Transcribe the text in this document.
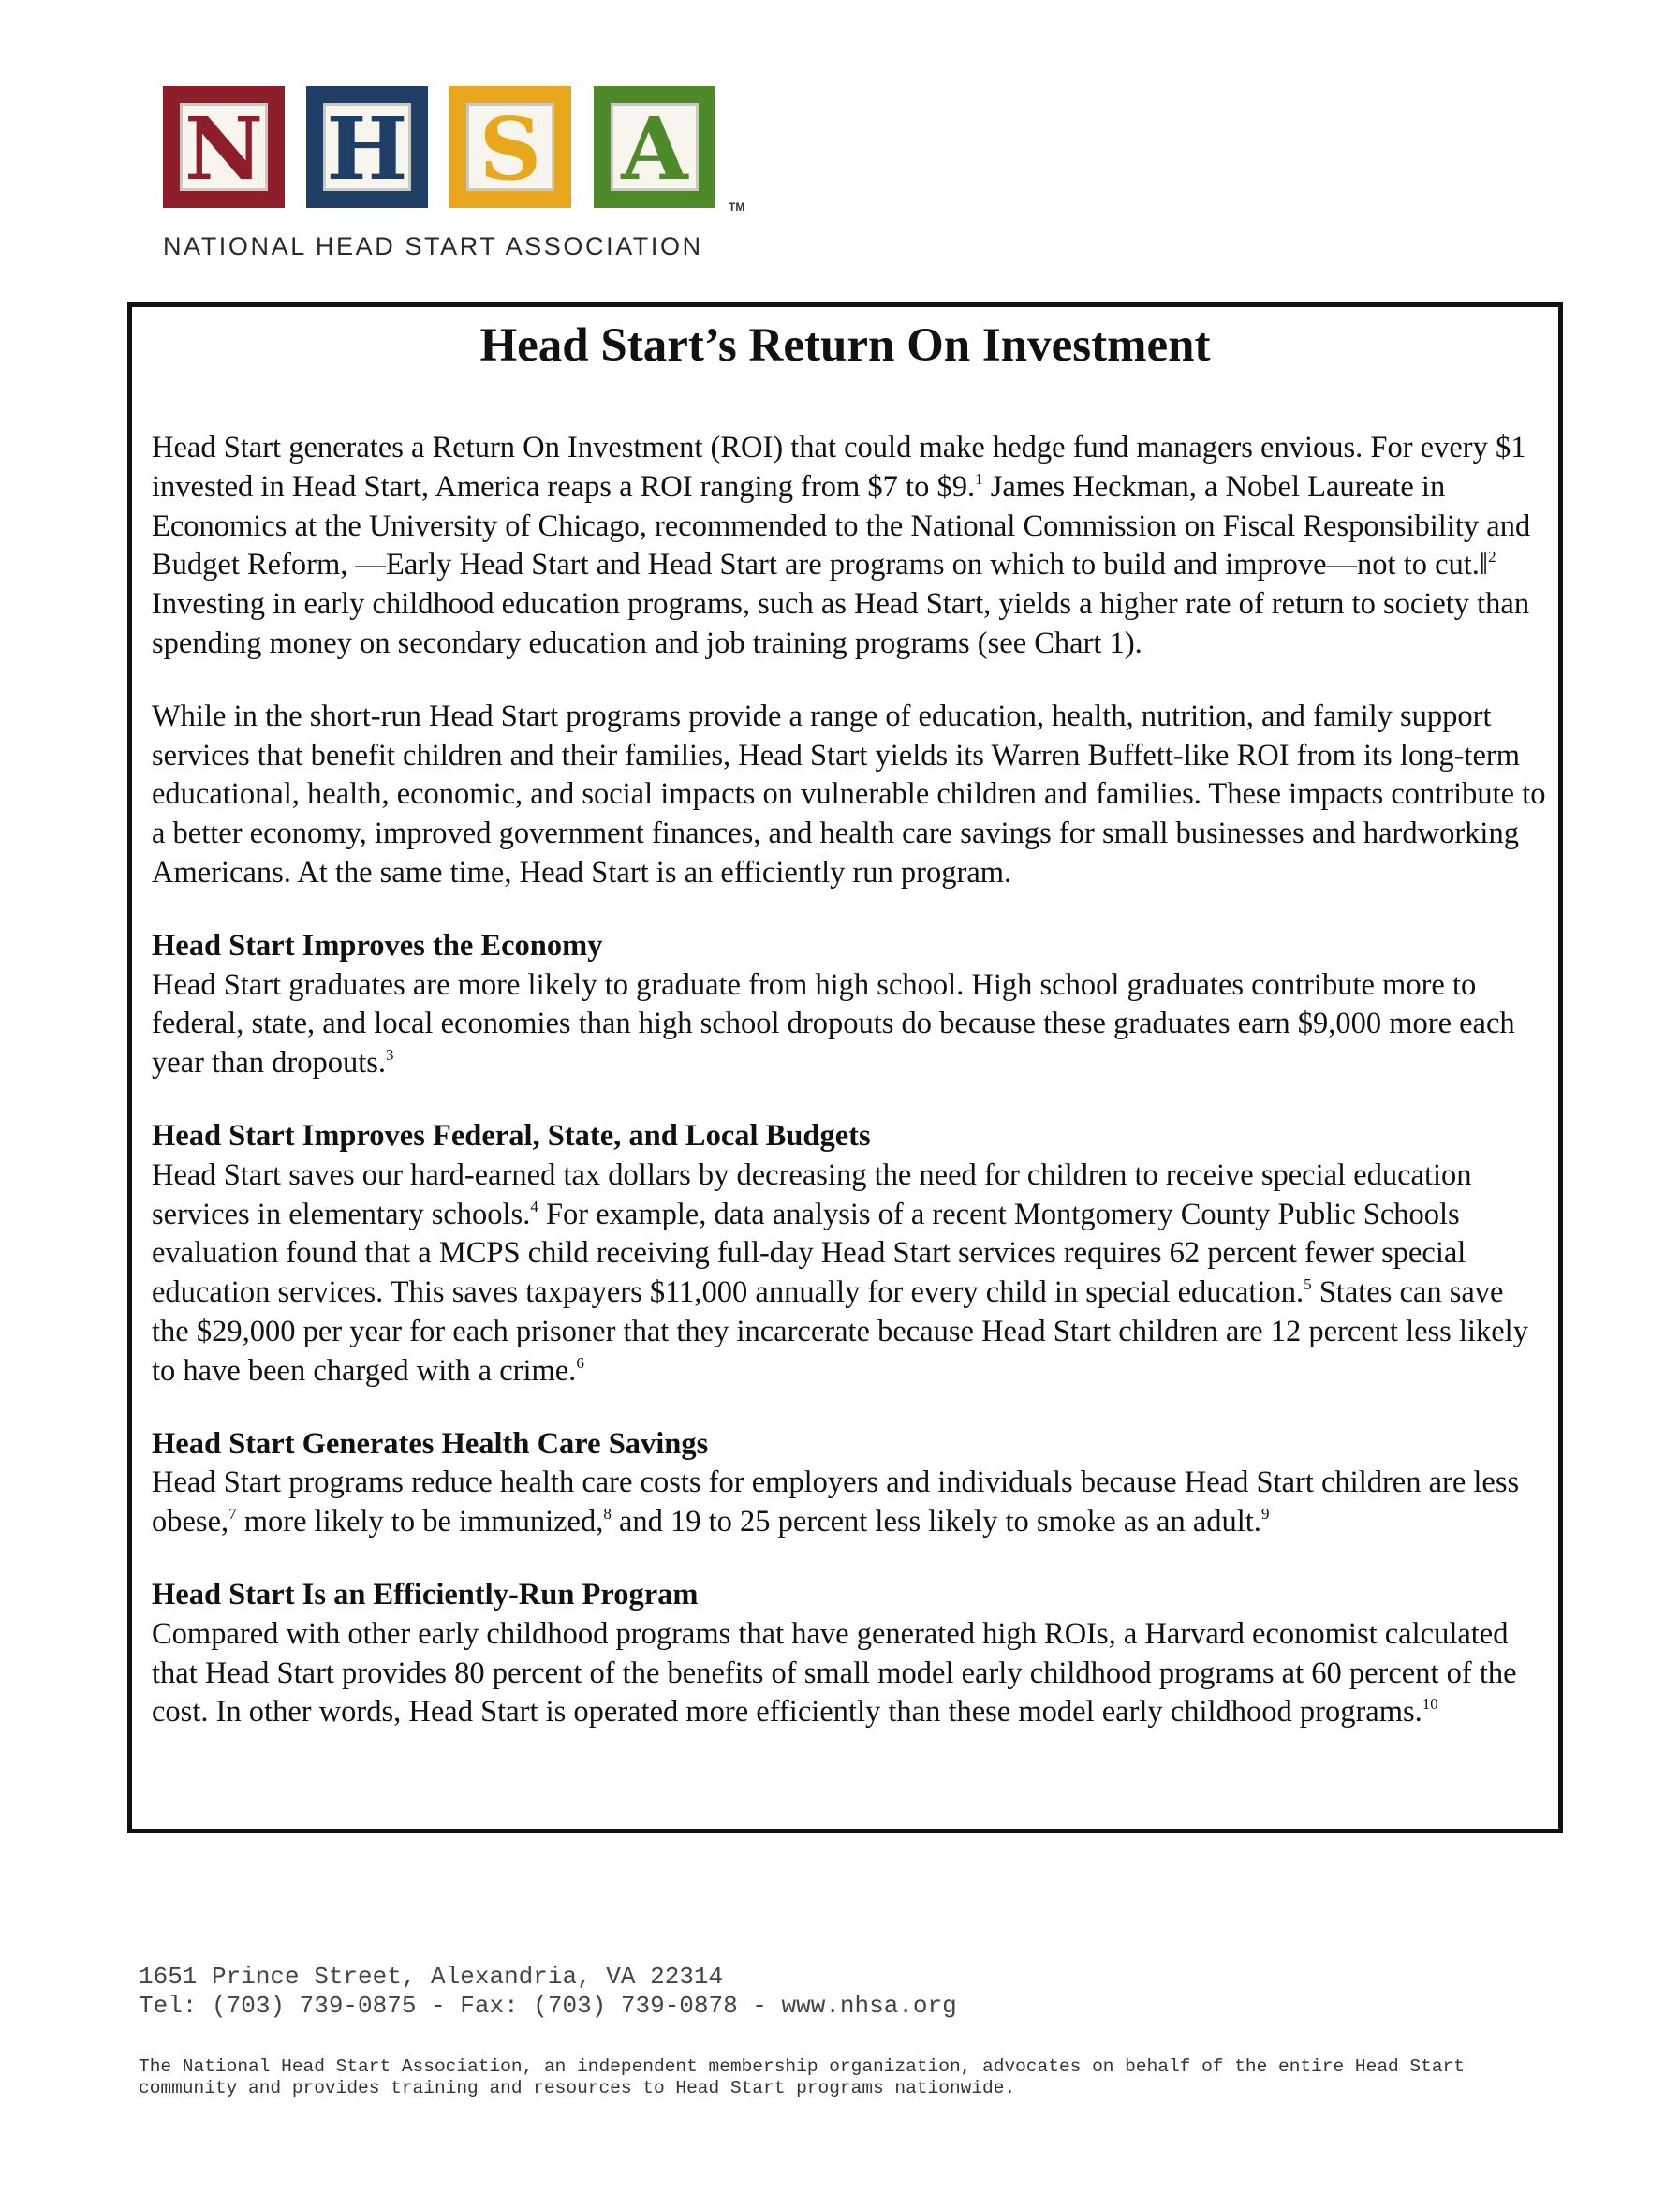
N H S A
TM
NATIONAL HEAD START ASSOCIATION
Head Start’s Return On Investment

Head Start generates a Return On Investment (ROI) that could make hedge fund managers envious. For every $1 invested in Head Start, America reaps a ROI ranging from $7 to $9.$^1$ James Heckman, a Nobel Laureate in Economics at the University of Chicago, recommended to the National Commission on Fiscal Responsibility and Budget Reform, ―Early Head Start and Head Start are programs on which to build and improve—not to cut.‖$^2$ Investing in early childhood education programs, such as Head Start, yields a higher rate of return to society than spending money on secondary education and job training programs (see Chart 1).

While in the short-run Head Start programs provide a range of education, health, nutrition, and family support services that benefit children and their families, Head Start yields its Warren Buffett-like ROI from its long-term educational, health, economic, and social impacts on vulnerable children and families. These impacts contribute to a better economy, improved government finances, and health care savings for small businesses and hardworking Americans. At the same time, Head Start is an efficiently run program.

Head Start Improves the Economy

Head Start graduates are more likely to graduate from high school. High school graduates contribute more to federal, state, and local economies than high school dropouts do because these graduates earn $9,000 more each year than dropouts.$^3$

Head Start Improves Federal, State, and Local Budgets

Head Start saves our hard-earned tax dollars by decreasing the need for children to receive special education services in elementary schools.$^4$ For example, data analysis of a recent Montgomery County Public Schools evaluation found that a MCPS child receiving full-day Head Start services requires 62 percent fewer special education services. This saves taxpayers $11,000 annually for every child in special education.$^5$ States can save the $29,000 per year for each prisoner that they incarcerate because Head Start children are 12 percent less likely to have been charged with a crime.$^6$

Head Start Generates Health Care Savings

Head Start programs reduce health care costs for employers and individuals because Head Start children are less obese,$^7$ more likely to be immunized,$^8$ and 19 to 25 percent less likely to smoke as an adult.$^9$

Head Start Is an Efficiently-Run Program

Compared with other early childhood programs that have generated high ROIs, a Harvard economist calculated that Head Start provides 80 percent of the benefits of small model early childhood programs at 60 percent of the cost. In other words, Head Start is operated more efficiently than these model early childhood programs.$^{10}$

1651 Prince Street, Alexandria, VA 22314
Tel: (703) 739-0875 - Fax: (703) 739-0878 - www.nhsa.org
The National Head Start Association, an independent membership organization, advocates on behalf of the entire Head Start community and provides training and resources to Head Start programs nationwide.
